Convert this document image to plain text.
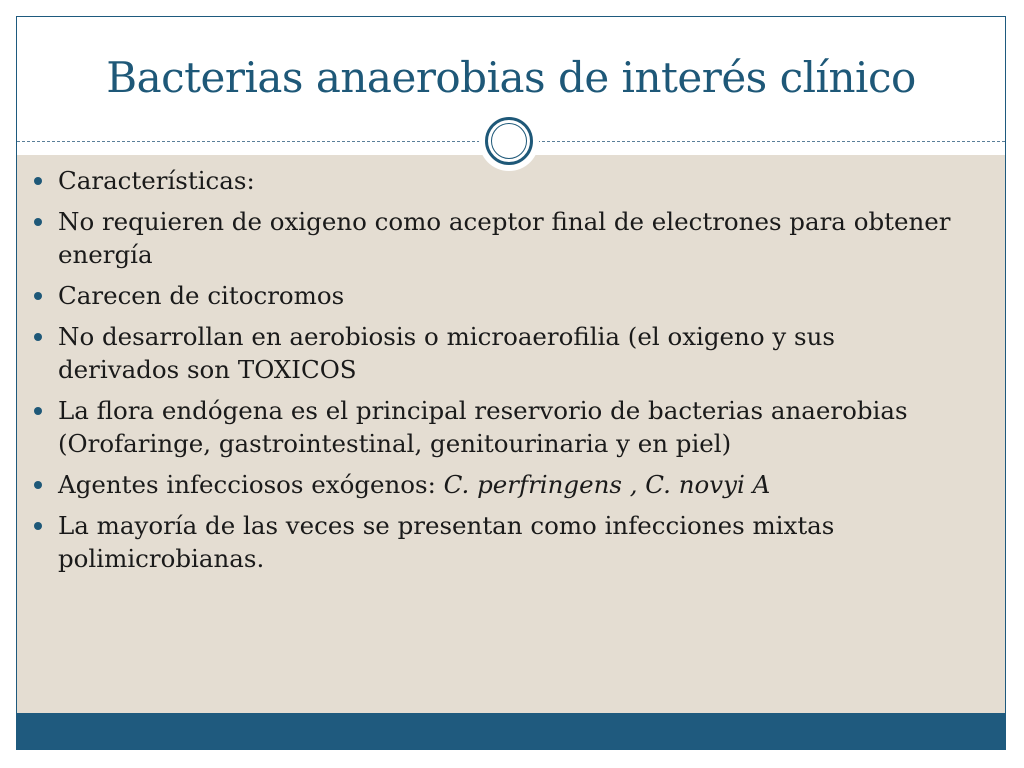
Bacterias anaerobias de interés clínico
Características:
No requieren de oxigeno como aceptor final de electrones para obtener energía
Carecen de citocromos
No desarrollan en aerobiosis o microaerofilia (el oxigeno y sus derivados son TOXICOS
La flora endógena es el principal reservorio de bacterias anaerobias (Orofaringe, gastrointestinal, genitourinaria y en piel)
Agentes infecciosos exógenos: C. perfringens , C. novyi A
La mayoría de las veces se presentan como infecciones mixtas polimicrobianas.
